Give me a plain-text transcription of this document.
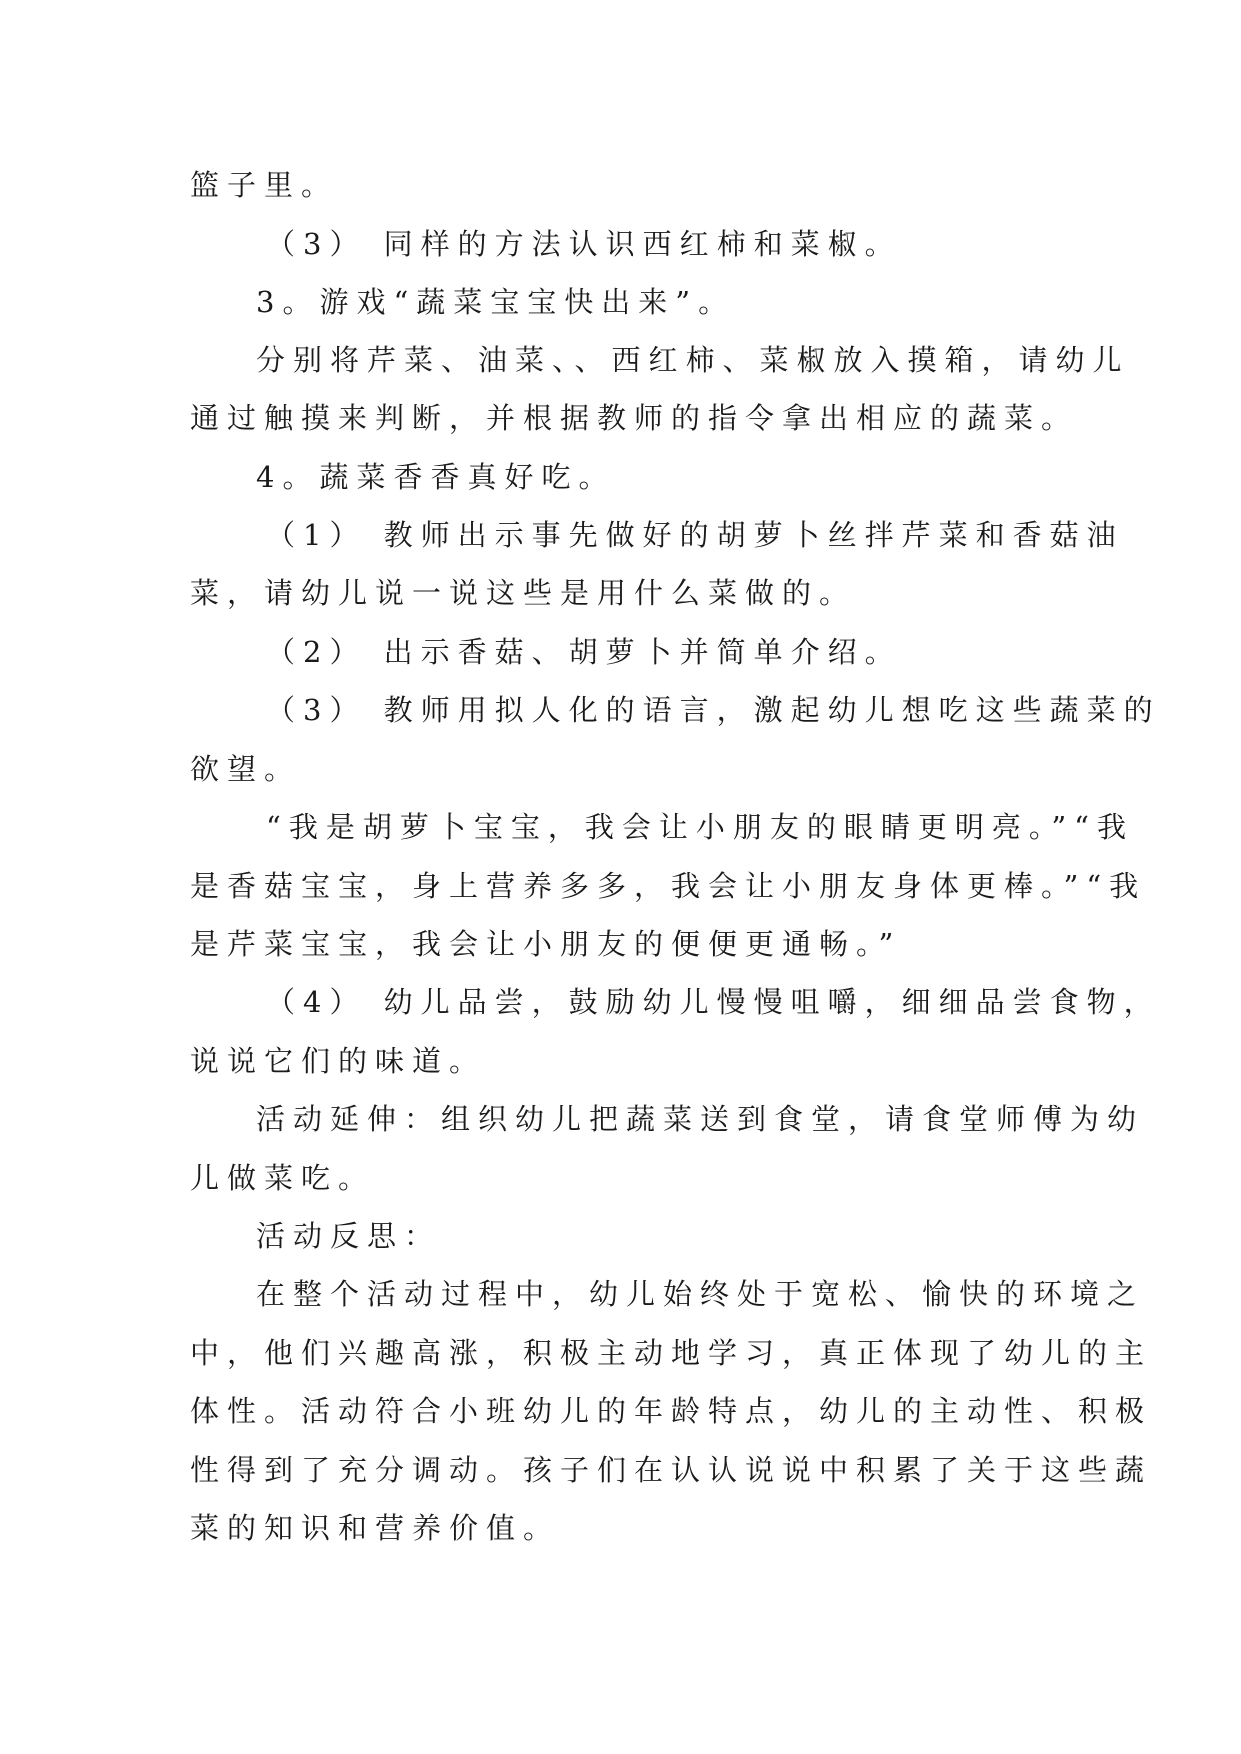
篮子里。
（3） 同样的方法认识西红柿和菜椒。
3。游戏“蔬菜宝宝快出来”。
分别将芹菜、油菜、、西红柿、菜椒放入摸箱，请幼儿
通过触摸来判断，并根据教师的指令拿出相应的蔬菜。
4。蔬菜香香真好吃。
（1） 教师出示事先做好的胡萝卜丝拌芹菜和香菇油
菜，请幼儿说一说这些是用什么菜做的。
（2） 出示香菇、胡萝卜并简单介绍。
（3） 教师用拟人化的语言，激起幼儿想吃这些蔬菜的
欲望。
“我是胡萝卜宝宝，我会让小朋友的眼睛更明亮。”“我
是香菇宝宝，身上营养多多，我会让小朋友身体更棒。”“我
是芹菜宝宝，我会让小朋友的便便更通畅。”
（4） 幼儿品尝，鼓励幼儿慢慢咀嚼，细细品尝食物，
说说它们的味道。
活动延伸：组织幼儿把蔬菜送到食堂，请食堂师傅为幼
儿做菜吃。
活动反思：
在整个活动过程中，幼儿始终处于宽松、愉快的环境之
中，他们兴趣高涨，积极主动地学习，真正体现了幼儿的主
体性。活动符合小班幼儿的年龄特点，幼儿的主动性、积极
性得到了充分调动。孩子们在认认说说中积累了关于这些蔬
菜的知识和营养价值。
